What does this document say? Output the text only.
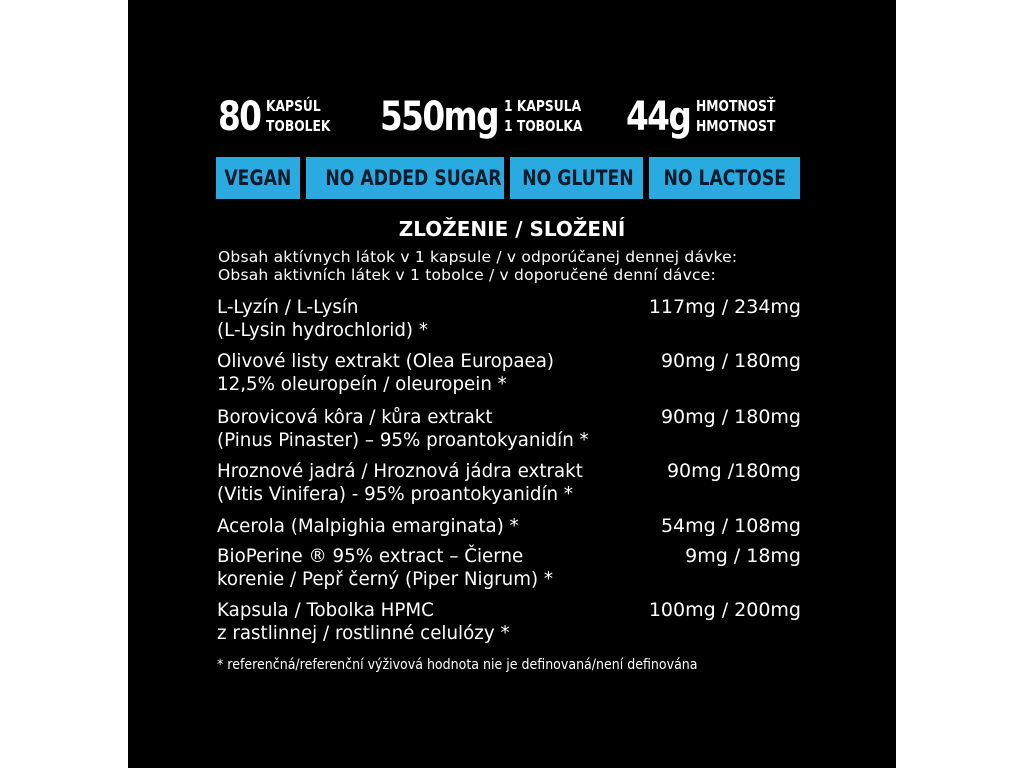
80 KAPSÚL
TOBOLEK 550mg 1 KAPSULA
1 TOBOLKA 44g HMOTNOSŤ
HMOTNOST
VEGAN	NO ADDED SUGAR NO GLUTEN	NO LACTOSE
ZLOŽENIE / SLOŽENÍ
Obsah aktívnych látok v 1 kapsule / v odporúčanej dennej dávke:
Obsah aktivních látek v 1 tobolce / v doporučené denní dávce:
L-Lyzín / L-Lysín
(L-Lysin hydrochlorid) *
117mg / 234mg
Olivové listy extrakt (Olea Europaea)
12,5% oleuropeín / oleuropein *
90mg / 180mg
Borovicová kôra / kůra extrakt
(Pinus Pinaster) – 95% proantokyanidín *
90mg / 180mg
Hroznové jadrá / Hroznová jádra extrakt
(Vitis Vinifera) - 95% proantokyanidín *
90mg /180mg
Acerola (Malpighia emarginata) *	54mg / 108mg
BioPerine ® 95% extract – Čierne
korenie / Pepř černý (Piper Nigrum) *
9mg / 18mg
Kapsula / Tobolka HPMC
z rastlinnej / rostlinné celulózy *
100mg / 200mg
* referenčná/referenční výživová hodnota nie je definovaná/není definována
